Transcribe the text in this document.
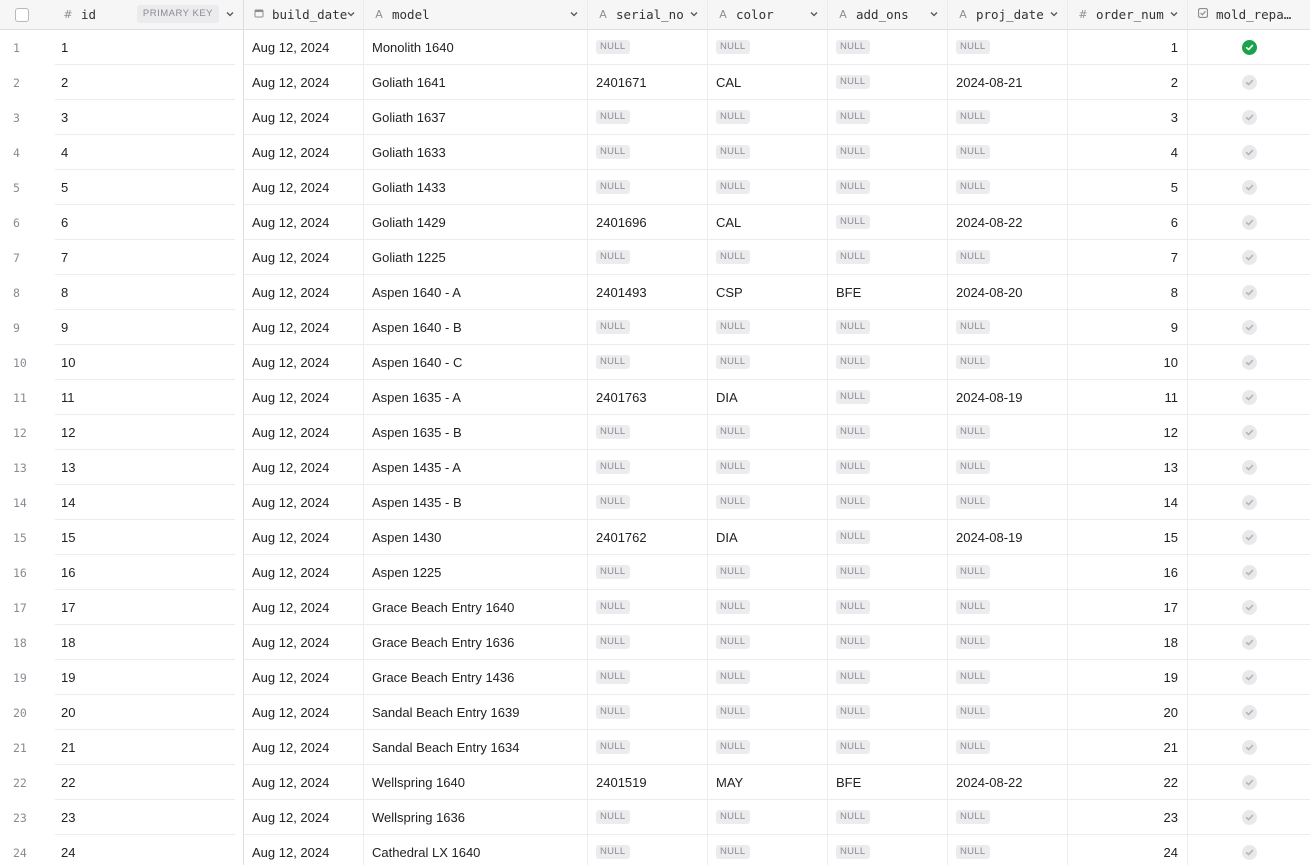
# id	PRIMARY KEY	build_date	A model	A serial_no	A color	A add_ons	A proj_date	# order_num	mold_repa…
1	1	Aug 12, 2024	Monolith 1640	NULL	NULL	NULL	NULL	1
2	2	Aug 12, 2024	Goliath 1641	2401671	CAL	NULL	2024-08-21	2
3	3	Aug 12, 2024	Goliath 1637	NULL	NULL	NULL	NULL	3
4	4	Aug 12, 2024	Goliath 1633	NULL	NULL	NULL	NULL	4
5	5	Aug 12, 2024	Goliath 1433	NULL	NULL	NULL	NULL	5
6	6	Aug 12, 2024	Goliath 1429	2401696	CAL	NULL	2024-08-22	6
7	7	Aug 12, 2024	Goliath 1225	NULL	NULL	NULL	NULL	7
8	8	Aug 12, 2024	Aspen 1640 - A	2401493	CSP	BFE	2024-08-20	8
9	9	Aug 12, 2024	Aspen 1640 - B	NULL	NULL	NULL	NULL	9
10	10	Aug 12, 2024	Aspen 1640 - C	NULL	NULL	NULL	NULL	10
11	11	Aug 12, 2024	Aspen 1635 - A	2401763	DIA	NULL	2024-08-19	11
12	12	Aug 12, 2024	Aspen 1635 - B	NULL	NULL	NULL	NULL	12
13	13	Aug 12, 2024	Aspen 1435 - A	NULL	NULL	NULL	NULL	13
14	14	Aug 12, 2024	Aspen 1435 - B	NULL	NULL	NULL	NULL	14
15	15	Aug 12, 2024	Aspen 1430	2401762	DIA	NULL	2024-08-19	15
16	16	Aug 12, 2024	Aspen 1225	NULL	NULL	NULL	NULL	16
17	17	Aug 12, 2024	Grace Beach Entry 1640	NULL	NULL	NULL	NULL	17
18	18	Aug 12, 2024	Grace Beach Entry 1636	NULL	NULL	NULL	NULL	18
19	19	Aug 12, 2024	Grace Beach Entry 1436	NULL	NULL	NULL	NULL	19
20	20	Aug 12, 2024	Sandal Beach Entry 1639	NULL	NULL	NULL	NULL	20
21	21	Aug 12, 2024	Sandal Beach Entry 1634	NULL	NULL	NULL	NULL	21
22	22	Aug 12, 2024	Wellspring 1640	2401519	MAY	BFE	2024-08-22	22
23	23	Aug 12, 2024	Wellspring 1636	NULL	NULL	NULL	NULL	23
24	24	Aug 12, 2024	Cathedral LX 1640	NULL	NULL	NULL	NULL	24
